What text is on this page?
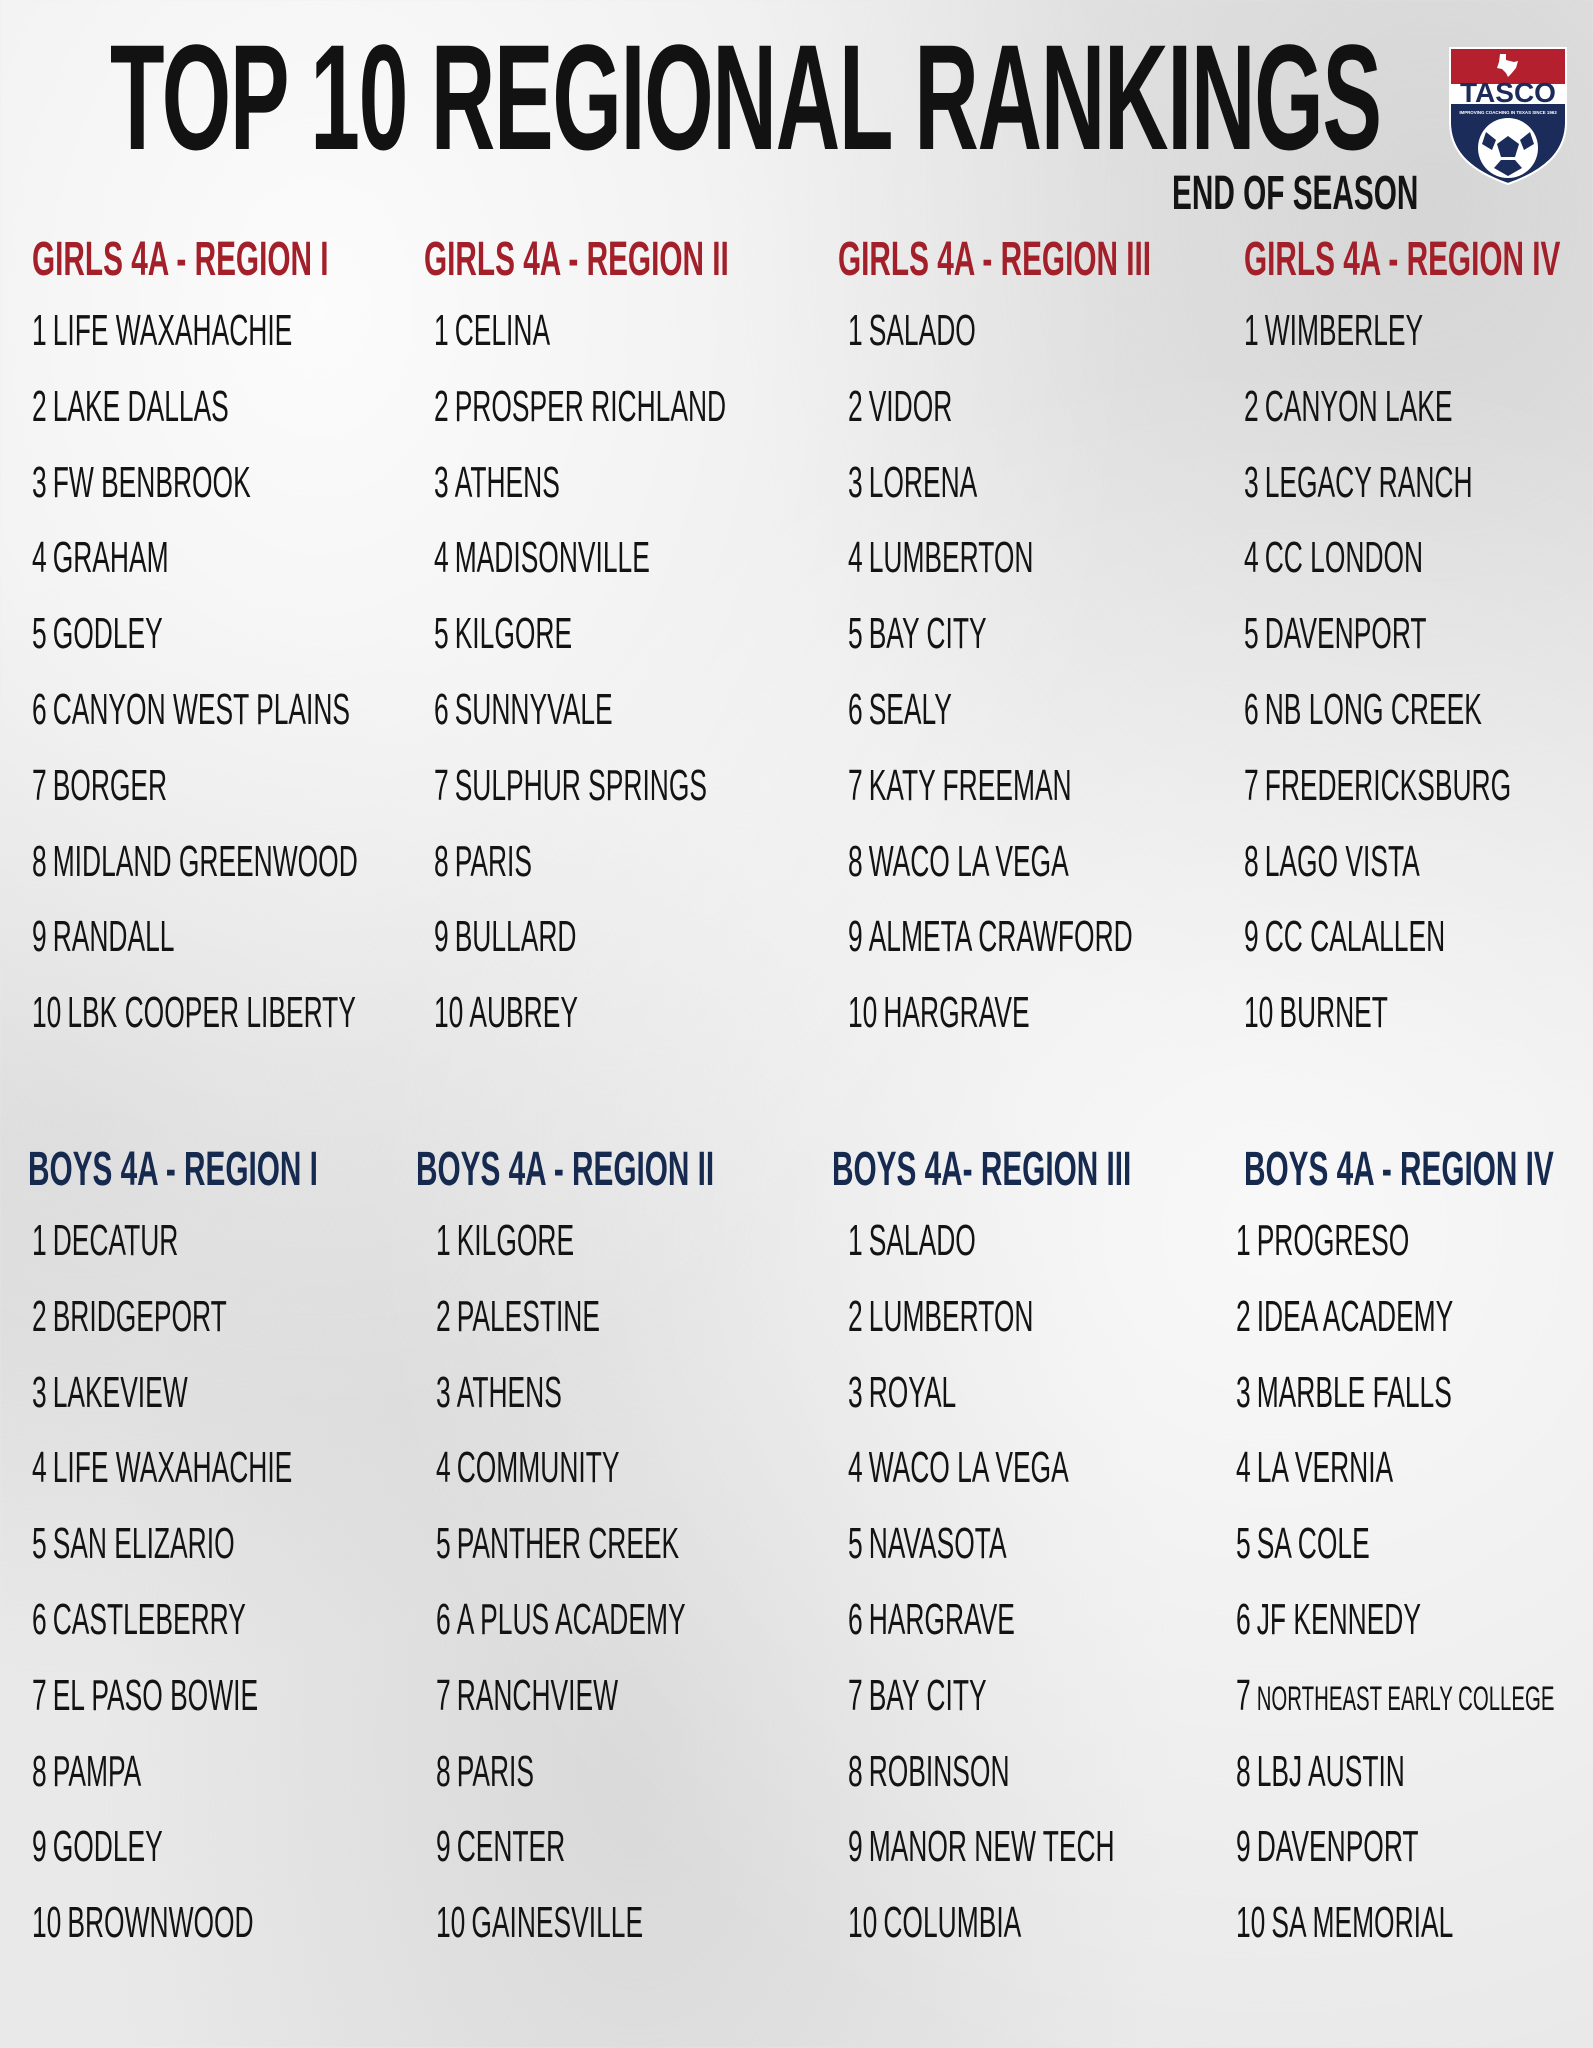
TOP 10 REGIONAL RANKINGS
END OF SEASON
TASCO
IMPROVING COACHING IN TEXAS SINCE 1963
GIRLS 4A - REGION I
1 LIFE WAXAHACHIE
2 LAKE DALLAS
3 FW BENBROOK
4 GRAHAM
5 GODLEY
6 CANYON WEST PLAINS
7 BORGER
8 MIDLAND GREENWOOD
9 RANDALL
10 LBK COOPER LIBERTY
GIRLS 4A - REGION II
1 CELINA
2 PROSPER RICHLAND
3 ATHENS
4 MADISONVILLE
5 KILGORE
6 SUNNYVALE
7 SULPHUR SPRINGS
8 PARIS
9 BULLARD
10 AUBREY
GIRLS 4A - REGION III
1 SALADO
2 VIDOR
3 LORENA
4 LUMBERTON
5 BAY CITY
6 SEALY
7 KATY FREEMAN
8 WACO LA VEGA
9 ALMETA CRAWFORD
10 HARGRAVE
GIRLS 4A - REGION IV
1 WIMBERLEY
2 CANYON LAKE
3 LEGACY RANCH
4 CC LONDON
5 DAVENPORT
6 NB LONG CREEK
7 FREDERICKSBURG
8 LAGO VISTA
9 CC CALALLEN
10 BURNET
BOYS 4A - REGION I
1 DECATUR
2 BRIDGEPORT
3 LAKEVIEW
4 LIFE WAXAHACHIE
5 SAN ELIZARIO
6 CASTLEBERRY
7 EL PASO BOWIE
8 PAMPA
9 GODLEY
10 BROWNWOOD
BOYS 4A - REGION II
1 KILGORE
2 PALESTINE
3 ATHENS
4 COMMUNITY
5 PANTHER CREEK
6 A PLUS ACADEMY
7 RANCHVIEW
8 PARIS
9 CENTER
10 GAINESVILLE
BOYS 4A- REGION III
1 SALADO
2 LUMBERTON
3 ROYAL
4 WACO LA VEGA
5 NAVASOTA
6 HARGRAVE
7 BAY CITY
8 ROBINSON
9 MANOR NEW TECH
10 COLUMBIA
BOYS 4A - REGION IV
1 PROGRESO
2 IDEA ACADEMY
3 MARBLE FALLS
4 LA VERNIA
5 SA COLE
6 JF KENNEDY
7 NORTHEAST EARLY COLLEGE
8 LBJ AUSTIN
9 DAVENPORT
10 SA MEMORIAL
